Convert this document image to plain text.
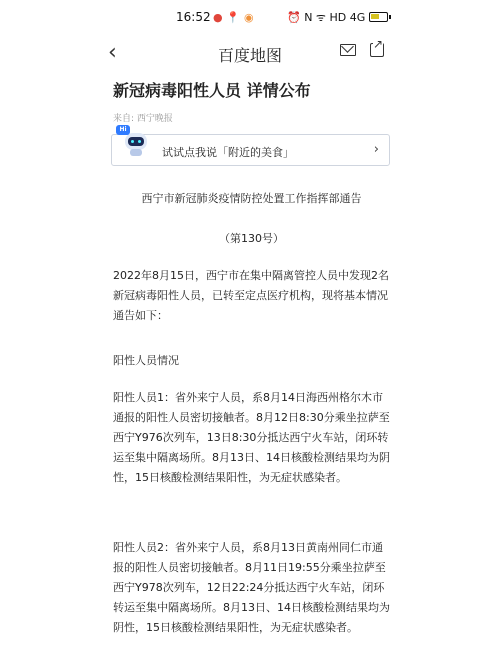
16:52 ● 📍 ◉	⏰ N ᯤ HD 4G
‹	百度地图
↗
新冠病毒阳性人员 详情公布
来自: 西宁晚报
Hi
试试点我说「附近的美食」	›
西宁市新冠肺炎疫情防控处置工作指挥部通告
（第130号）
2022年8月15日，西宁市在集中隔离管控人员中发现2名新冠病毒阳性人员，已转至定点医疗机构，现将基本情况通告如下：
阳性人员情况
阳性人员1：省外来宁人员，系8月14日海西州格尔木市通报的阳性人员密切接触者。8月12日8:30分乘坐拉萨至西宁Y976次列车，13日8:30分抵达西宁火车站，闭环转运至集中隔离场所。8月13日、14日核酸检测结果均为阴性，15日核酸检测结果阳性，为无症状感染者。
阳性人员2：省外来宁人员，系8月13日黄南州同仁市通报的阳性人员密切接触者。8月11日19:55分乘坐拉萨至西宁Y978次列车，12日22:24分抵达西宁火车站，闭环转运至集中隔离场所。8月13日、14日核酸检测结果均为阴性，15日核酸检测结果阳性，为无症状感染者。
